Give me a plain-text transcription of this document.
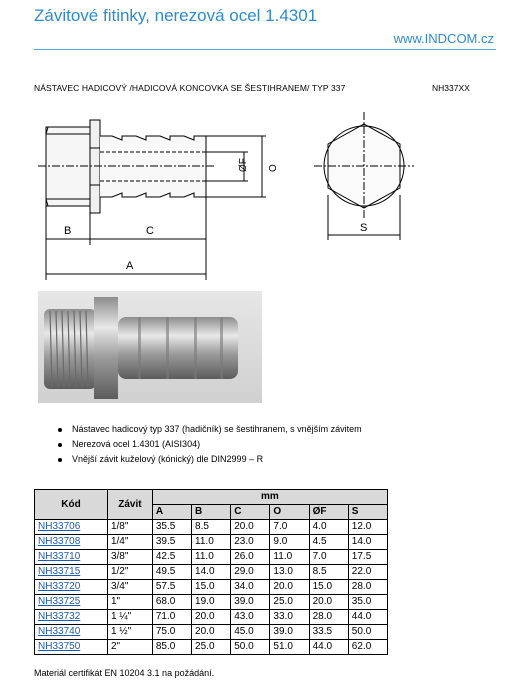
Závitové fitinky, nerezová ocel 1.4301
www.INDCOM.cz
NÁSTAVEC HADICOVÝ /HADICOVÁ KONCOVKA SE ŠESTIHRANEM/ TYP 337	NH337XX
B	C
A
ØF O
S
Nástavec hadicový typ 337 (hadičník) se šestihranem, s vnějším závitem
Nerezová ocel 1.4301 (AISI304)
Vnější závit kuželový (kónický) dle DIN2999 – R
Kód	Závit	mm					
		A	B	C	O	ØF	S
NH33706	1/8"	35.5	8.5	20.0	7.0	4.0	12.0
NH33708	1/4"	39.5	11.0	23.0	9.0	4.5	14.0
NH33710	3/8"	42.5	11.0	26.0	11.0	7.0	17.5
NH33715	1/2"	49.5	14.0	29.0	13.0	8.5	22.0
NH33720	3/4"	57.5	15.0	34.0	20.0	15.0	28.0
NH33725	1"	68.0	19.0	39.0	25.0	20.0	35.0
NH33732	1 ¼"	71.0	20.0	43.0	33.0	28.0	44.0
NH33740	1 ½"	75.0	20.0	45.0	39.0	33.5	50.0
NH33750	2"	85.0	25.0	50.0	51.0	44.0	62.0
Materiál certifikát EN 10204 3.1 na požádání.
